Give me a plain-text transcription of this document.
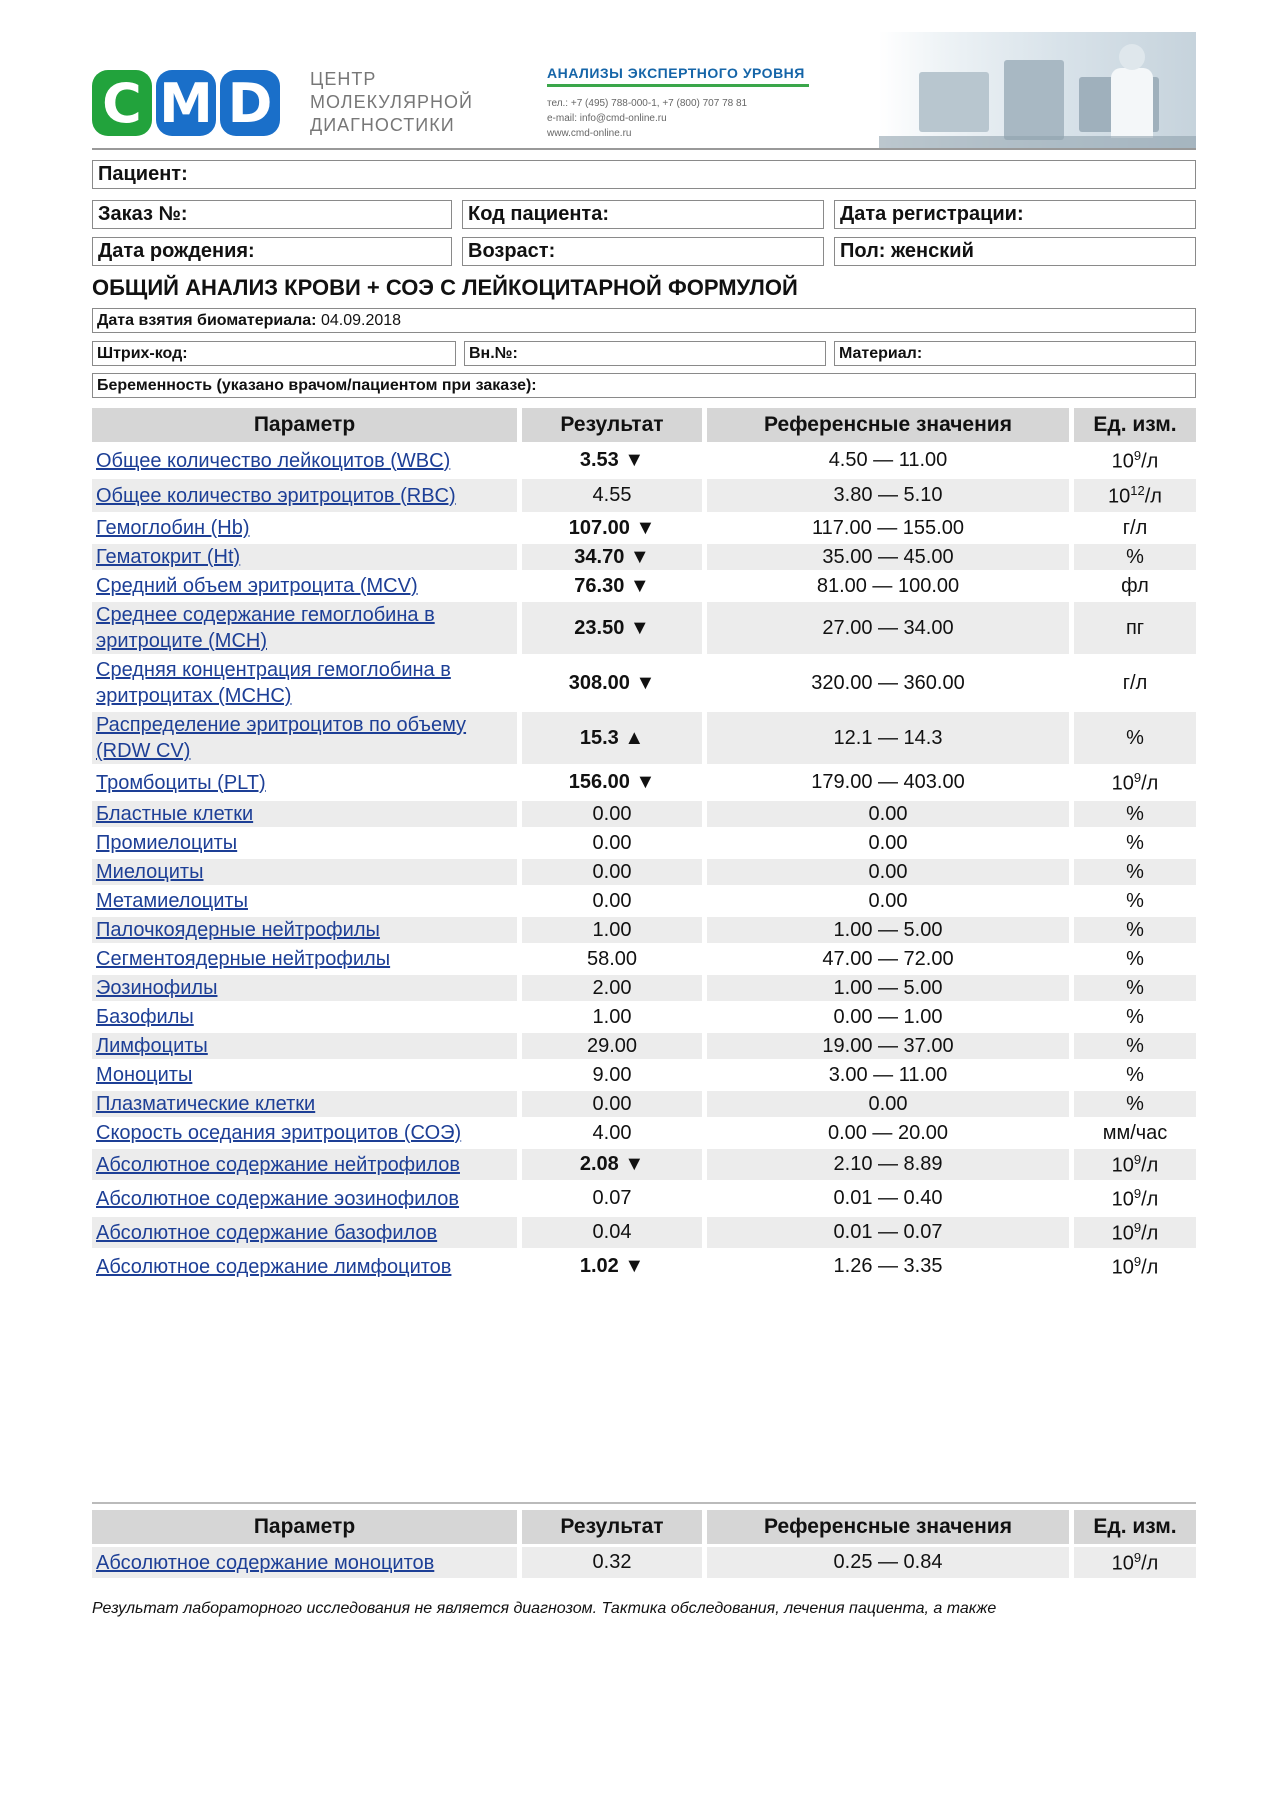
C M D	ЦЕНТР
МОЛЕКУЛЯРНОЙ
ДИАГНОСТИКИ
АНАЛИЗЫ ЭКСПЕРТНОГО УРОВНЯ
тел.: +7 (495) 788-000-1, +7 (800) 707 78 81
e-mail: info@cmd-online.ru
www.cmd-online.ru
Пациент:
Заказ №:	Код пациента:	Дата регистрации:
Дата рождения:	Возраст:	Пол: женский
ОБЩИЙ АНАЛИЗ КРОВИ + СОЭ С ЛЕЙКОЦИТАРНОЙ ФОРМУЛОЙ
Дата взятия биоматериала:
04.09.2018
Штрих-код:	Вн.№:	Материал:
Беременность (указано врачом/пациентом при заказе):
Параметр	Результат	Референсные значения	Ед. изм.
Общее количество лейкоцитов (WBC)	3.53 ▼	4.50 — 11.00	$10^9/л$
Общее количество эритроцитов (RBC)	4.55	3.80 — 5.10	$10^{12}/л$
Гемоглобин (Hb)	107.00 ▼	117.00 — 155.00	г/л
Гематокрит (Ht)	34.70 ▼	35.00 — 45.00	%
Средний объем эритроцита (MCV)	76.30 ▼	81.00 — 100.00	фл
Среднее содержание гемоглобина в
эритроците (MCH)	23.50 ▼	27.00 — 34.00	пг
Средняя концентрация гемоглобина в
эритроцитах (MCHC)	308.00 ▼	320.00 — 360.00	г/л
Распределение эритроцитов по объему
(RDW CV)	15.3 ▲	12.1 — 14.3	%
Тромбоциты (PLT)	156.00 ▼	179.00 — 403.00	$10^9/л$
Бластные клетки	0.00	0.00	%
Промиелоциты	0.00	0.00	%
Миелоциты	0.00	0.00	%
Метамиелоциты	0.00	0.00	%
Палочкоядерные нейтрофилы	1.00	1.00 — 5.00	%
Сегментоядерные нейтрофилы	58.00	47.00 — 72.00	%
Эозинофилы	2.00	1.00 — 5.00	%
Базофилы	1.00	0.00 — 1.00	%
Лимфоциты	29.00	19.00 — 37.00	%
Моноциты	9.00	3.00 — 11.00	%
Плазматические клетки	0.00	0.00	%
Скорость оседания эритроцитов (СОЭ)	4.00	0.00 — 20.00	мм/час
Абсолютное содержание нейтрофилов	2.08 ▼	2.10 — 8.89	$10^9/л$
Абсолютное содержание эозинофилов	0.07	0.01 — 0.40	$10^9/л$
Абсолютное содержание базофилов	0.04	0.01 — 0.07	$10^9/л$
Абсолютное содержание лимфоцитов	1.02 ▼	1.26 — 3.35	$10^9/л$
Параметр	Результат	Референсные значения	Ед. изм.
Абсолютное содержание моноцитов	0.32	0.25 — 0.84	$10^9/л$
Результат лабораторного исследования не является диагнозом. Тактика обследования, лечения пациента, а также
